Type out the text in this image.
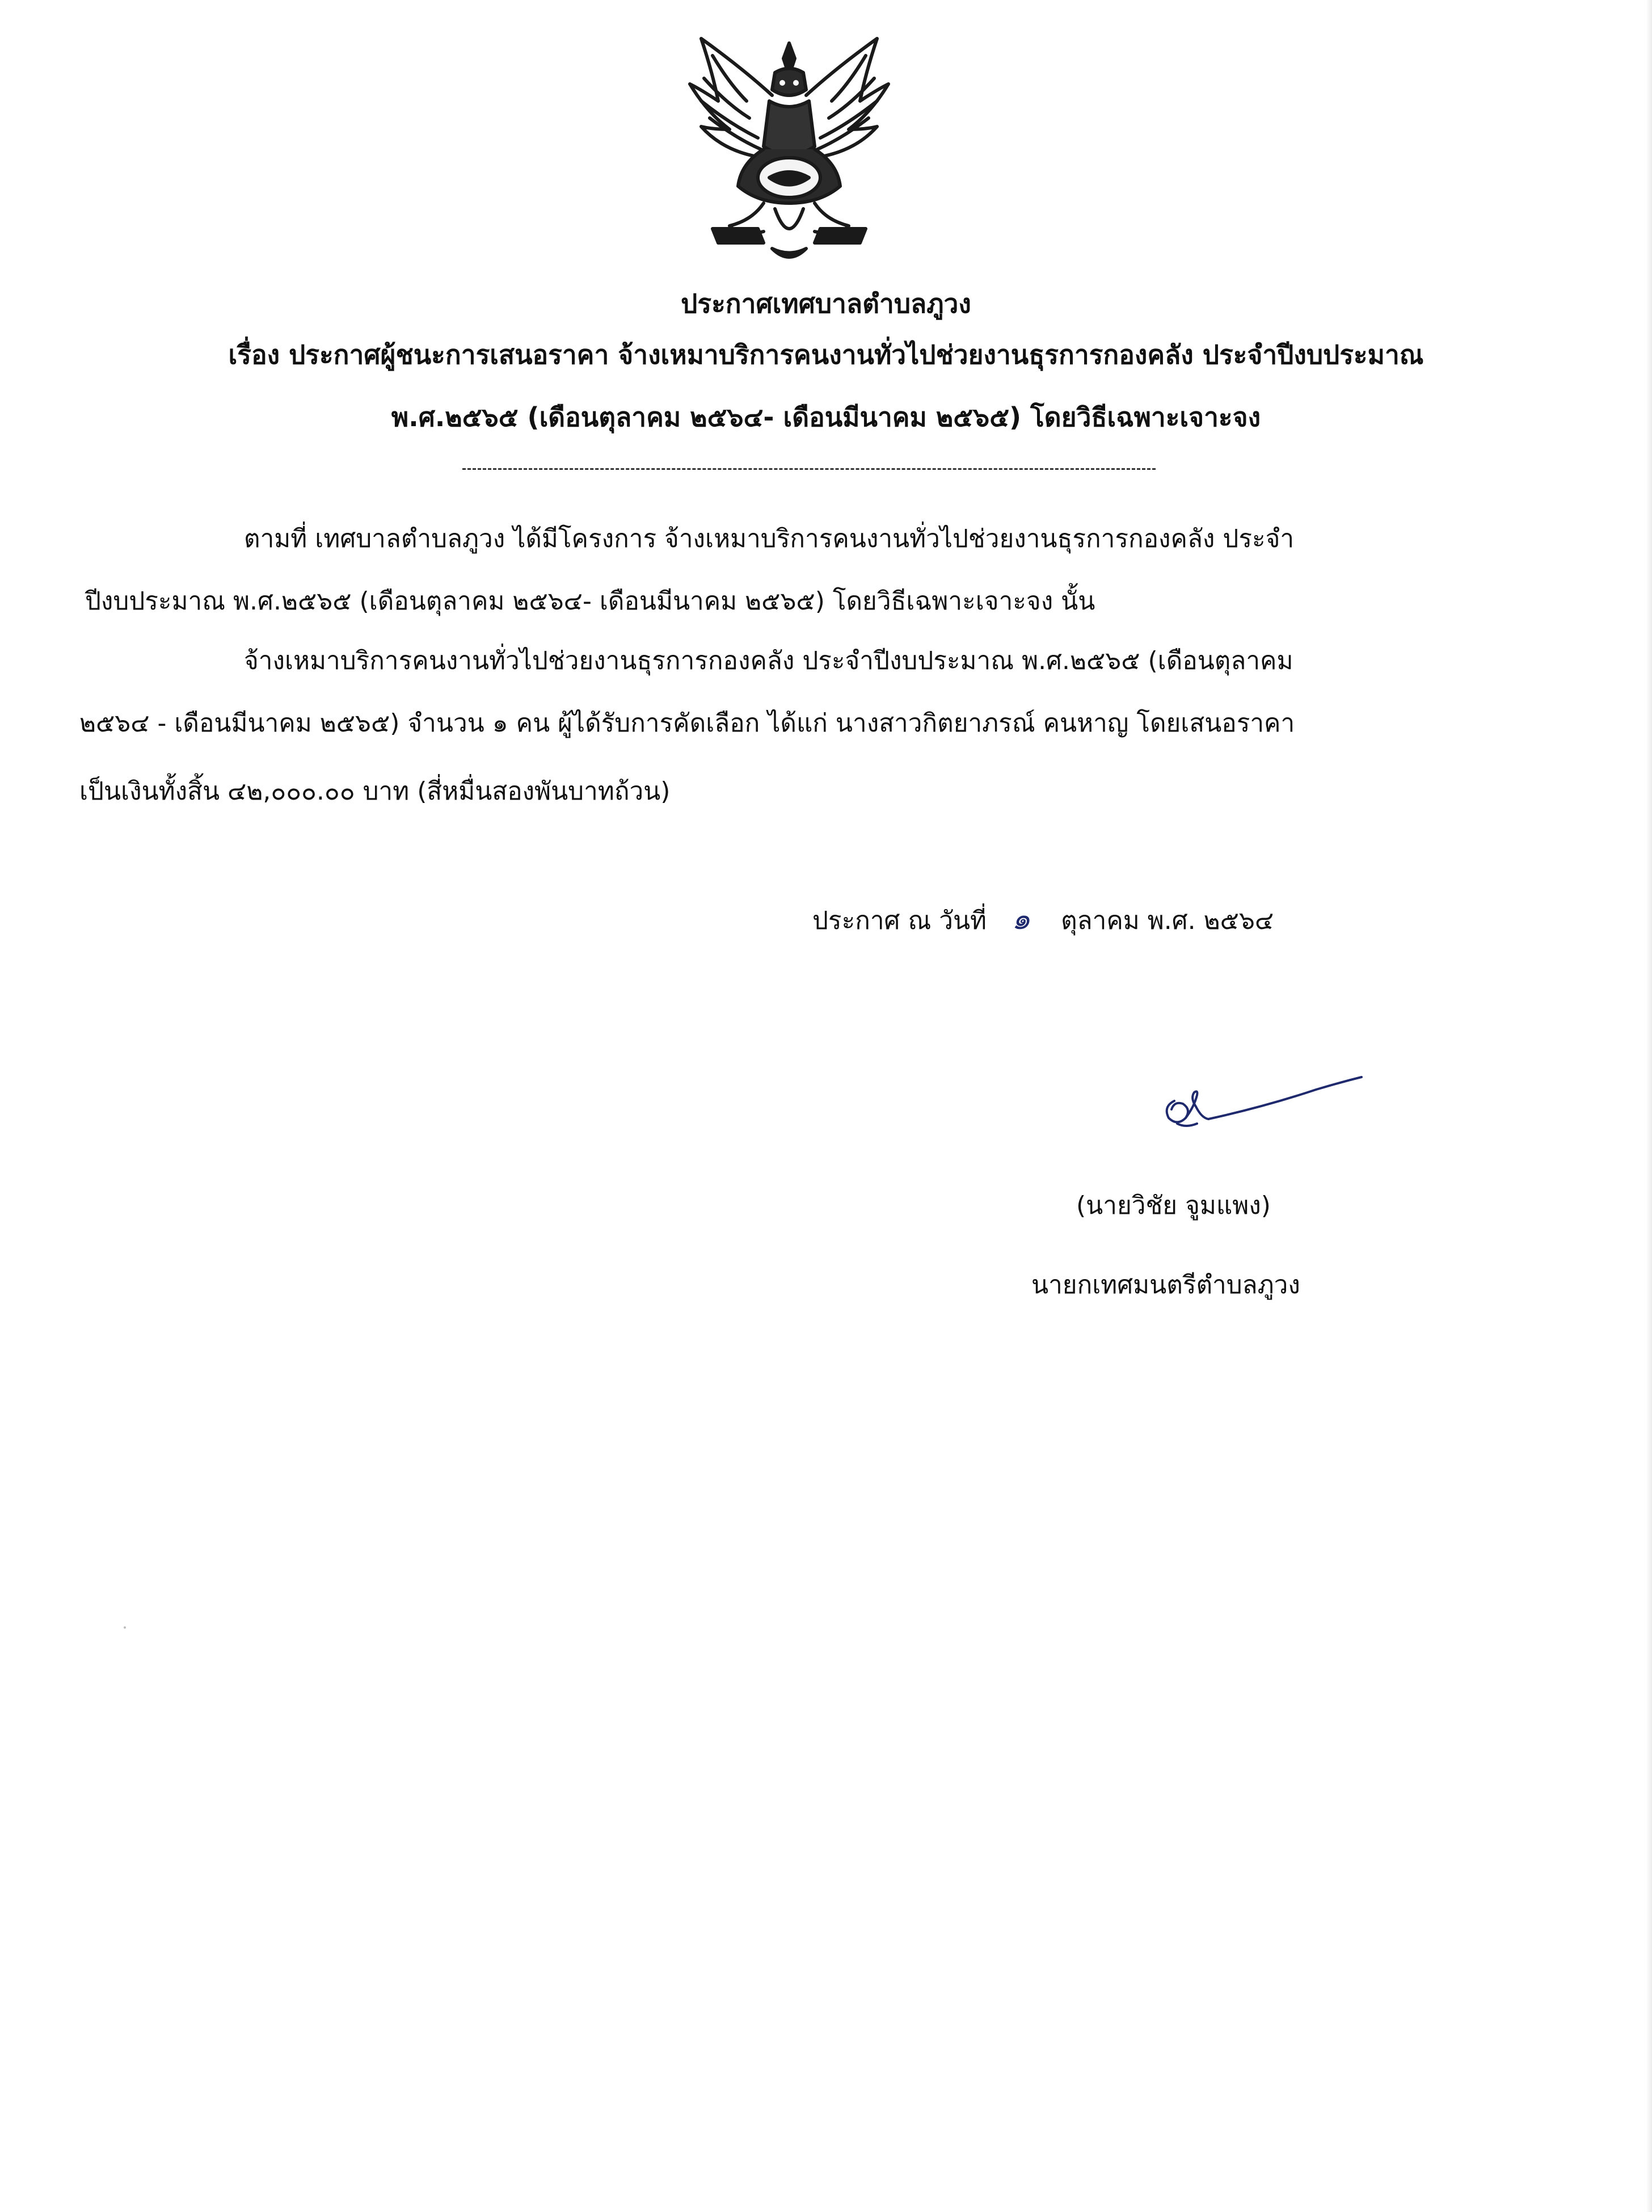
ประกาศเทศบาลตำบลภูวง
เรื่อง ประกาศผู้ชนะการเสนอราคา จ้างเหมาบริการคนงานทั่วไปช่วยงานธุรการกองคลัง ประจำปีงบประมาณ
พ.ศ.๒๕๖๕ (เดือนตุลาคม ๒๕๖๔- เดือนมีนาคม ๒๕๖๕) โดยวิธีเฉพาะเจาะจง
ตามที่ เทศบาลตำบลภูวง ได้มีโครงการ จ้างเหมาบริการคนงานทั่วไปช่วยงานธุรการกองคลัง ประจำ
ปีงบประมาณ พ.ศ.๒๕๖๕ (เดือนตุลาคม ๒๕๖๔- เดือนมีนาคม ๒๕๖๕) โดยวิธีเฉพาะเจาะจง นั้น
จ้างเหมาบริการคนงานทั่วไปช่วยงานธุรการกองคลัง ประจำปีงบประมาณ พ.ศ.๒๕๖๕ (เดือนตุลาคม
๒๕๖๔ - เดือนมีนาคม ๒๕๖๕) จำนวน ๑ คน ผู้ได้รับการคัดเลือก ได้แก่ นางสาวกิตยาภรณ์ คนหาญ โดยเสนอราคา
เป็นเงินทั้งสิ้น ๔๒,๐๐๐.๐๐ บาท (สี่หมื่นสองพันบาทถ้วน)
ประกาศ ณ วันที่ ๑ ตุลาคม พ.ศ. ๒๕๖๔
(นายวิชัย จูมแพง)
นายกเทศมนตรีตำบลภูวง
